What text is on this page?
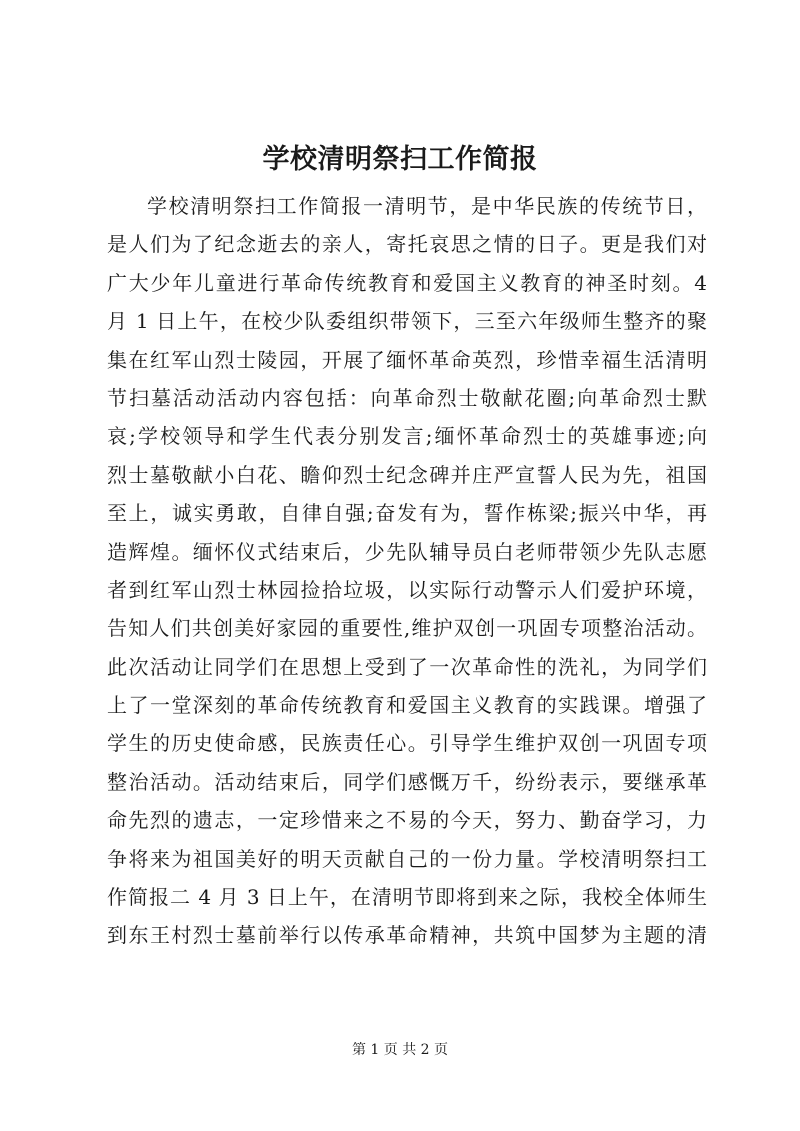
学校清明祭扫工作简报
学校清明祭扫工作简报一清明节，是中华民族的传统节日，
是人们为了纪念逝去的亲人，寄托哀思之情的日子。更是我们对
广大少年儿童进行革命传统教育和爱国主义教育的神圣时刻。4
月 1 日上午，在校少队委组织带领下，三至六年级师生整齐的聚
集在红军山烈士陵园，开展了缅怀革命英烈，珍惜幸福生活清明
节扫墓活动活动内容包括：向革命烈士敬献花圈;向革命烈士默
哀;学校领导和学生代表分别发言;缅怀革命烈士的英雄事迹;向
烈士墓敬献小白花、瞻仰烈士纪念碑并庄严宣誓人民为先，祖国
至上，诚实勇敢，自律自强;奋发有为，誓作栋梁;振兴中华，再
造辉煌。缅怀仪式结束后，少先队辅导员白老师带领少先队志愿
者到红军山烈士林园捡拾垃圾，以实际行动警示人们爱护环境，
告知人们共创美好家园的重要性,维护双创一巩固专项整治活动。
此次活动让同学们在思想上受到了一次革命性的洗礼，为同学们
上了一堂深刻的革命传统教育和爱国主义教育的实践课。增强了
学生的历史使命感，民族责任心。引导学生维护双创一巩固专项
整治活动。活动结束后，同学们感慨万千，纷纷表示，要继承革
命先烈的遗志，一定珍惜来之不易的今天，努力、勤奋学习，力
争将来为祖国美好的明天贡献自己的一份力量。学校清明祭扫工
作简报二 4 月 3 日上午，在清明节即将到来之际，我校全体师生
到东王村烈士墓前举行以传承革命精神，共筑中国梦为主题的清
第 1 页 共 2 页
